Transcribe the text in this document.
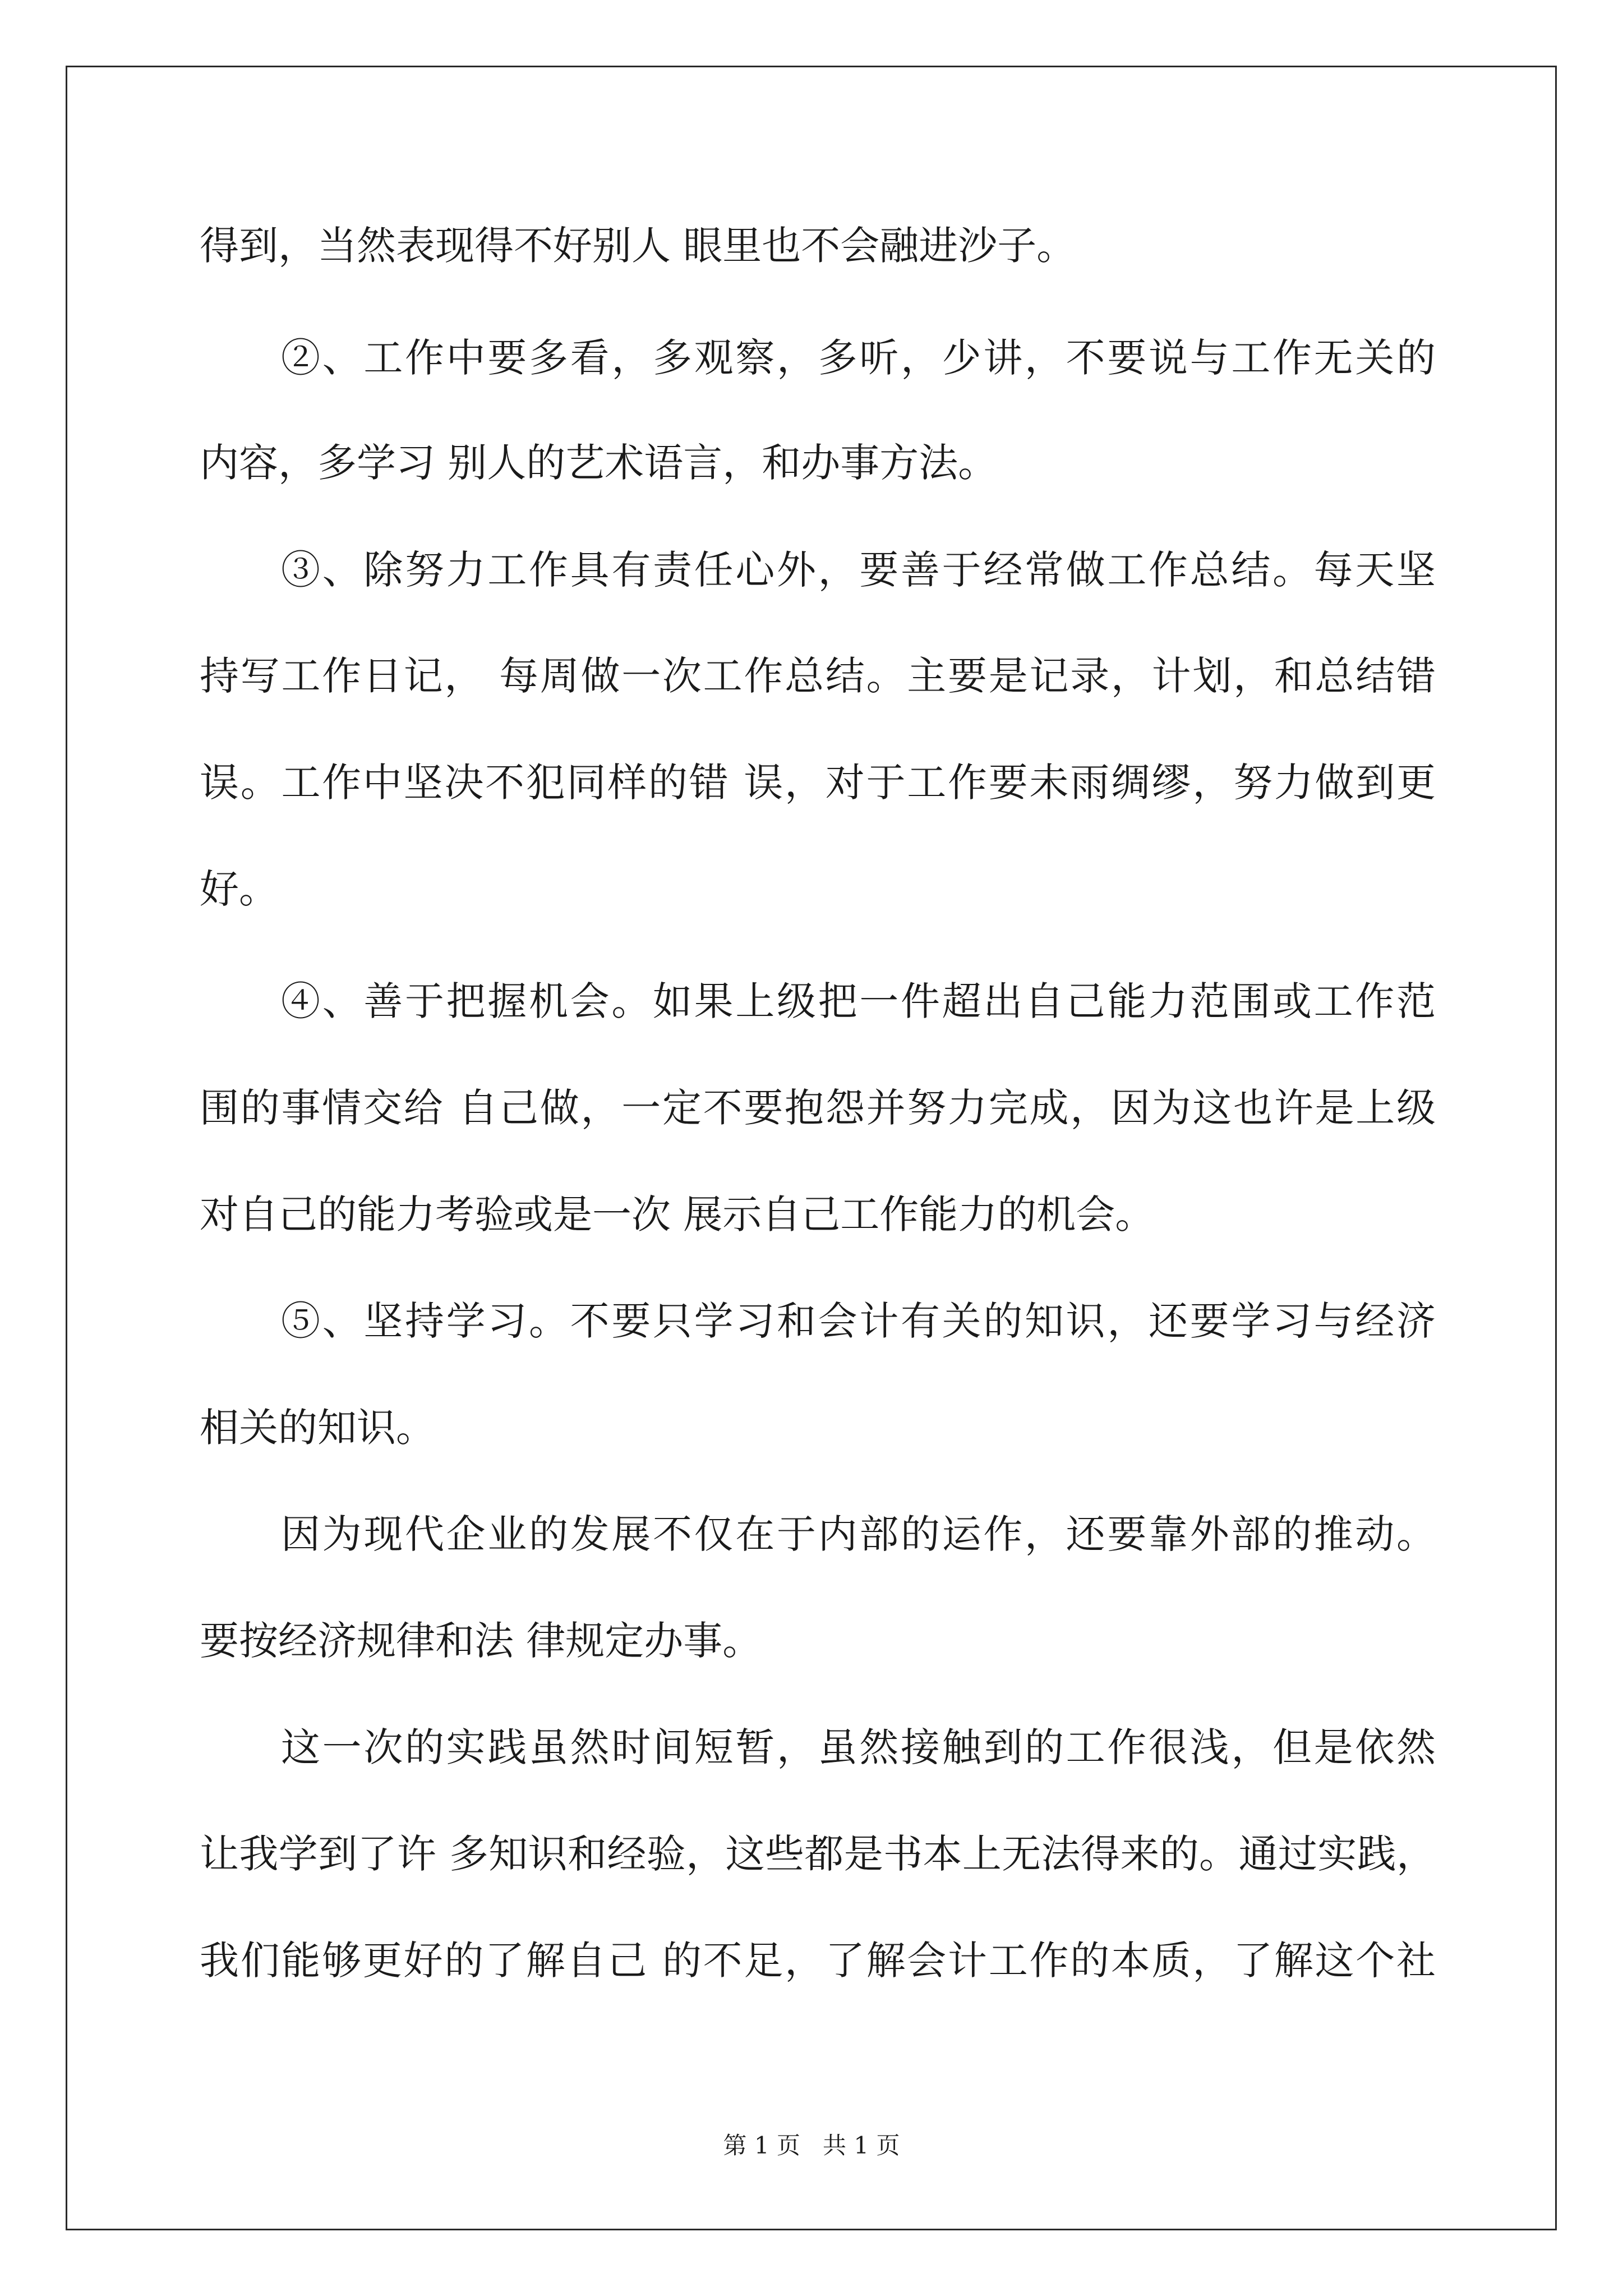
得到，当然表现得不好别人 眼里也不会融进沙子。
②、工作中要多看，多观察，多听，少讲，不要说与工作无关的
内容，多学习 别人的艺术语言，和办事方法。
③、除努力工作具有责任心外，要善于经常做工作总结。每天坚
持写工作日记， 每周做一次工作总结。主要是记录，计划，和总结错
误。工作中坚决不犯同样的错 误，对于工作要未雨绸缪，努力做到更
好。
④、善于把握机会。如果上级把一件超出自己能力范围或工作范
围的事情交给 自己做，一定不要抱怨并努力完成，因为这也许是上级
对自己的能力考验或是一次 展示自己工作能力的机会。
⑤、坚持学习。不要只学习和会计有关的知识，还要学习与经济
相关的知识。
因为现代企业的发展不仅在于内部的运作，还要靠外部的推动。
要按经济规律和法 律规定办事。
这一次的实践虽然时间短暂，虽然接触到的工作很浅，但是依然
让我学到了许 多知识和经验，这些都是书本上无法得来的。通过实践，
我们能够更好的了解自己 的不足，了解会计工作的本质，了解这个社
第 1 页   共 1 页
